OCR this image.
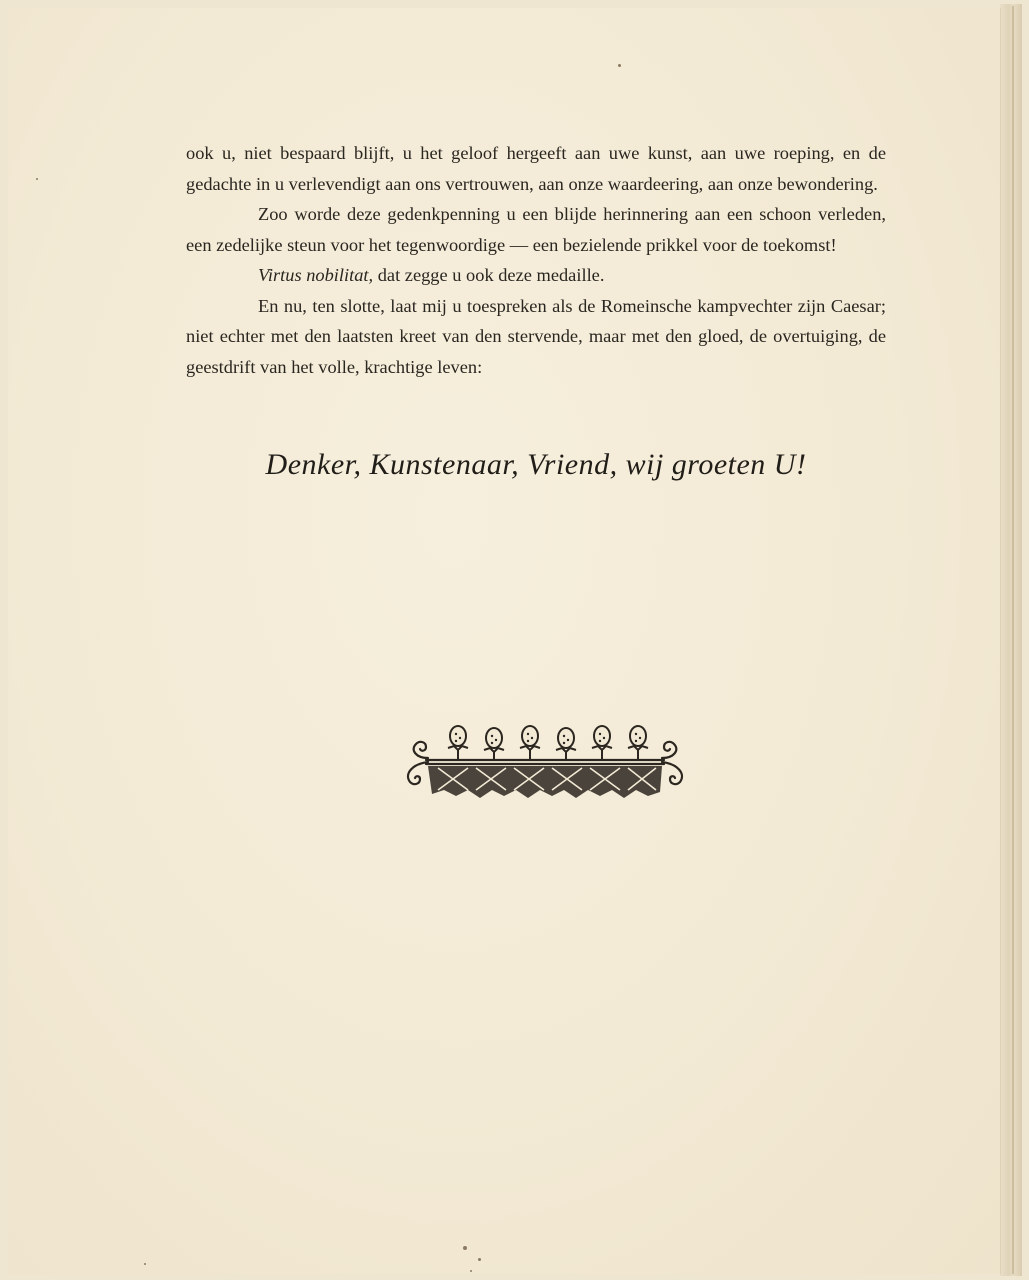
ook u, niet bespaard blijft, u het geloof hergeeft aan uwe kunst, aan uwe roeping, en de gedachte in u verlevendigt aan ons vertrouwen, aan onze waardeering, aan onze bewondering.

Zoo worde deze gedenkpenning u een blijde herinnering aan een schoon verleden, een zedelijke steun voor het tegenwoordige — een bezielende prikkel voor de toekomst!

Virtus nobilitat, dat zegge u ook deze medaille.

En nu, ten slotte, laat mij u toespreken als de Romeinsche kampvechter zijn Caesar; niet echter met den laatsten kreet van den stervende, maar met den gloed, de overtuiging, de geestdrift van het volle, krachtige leven:

Denker, Kunstenaar, Vriend, wij groeten U!
